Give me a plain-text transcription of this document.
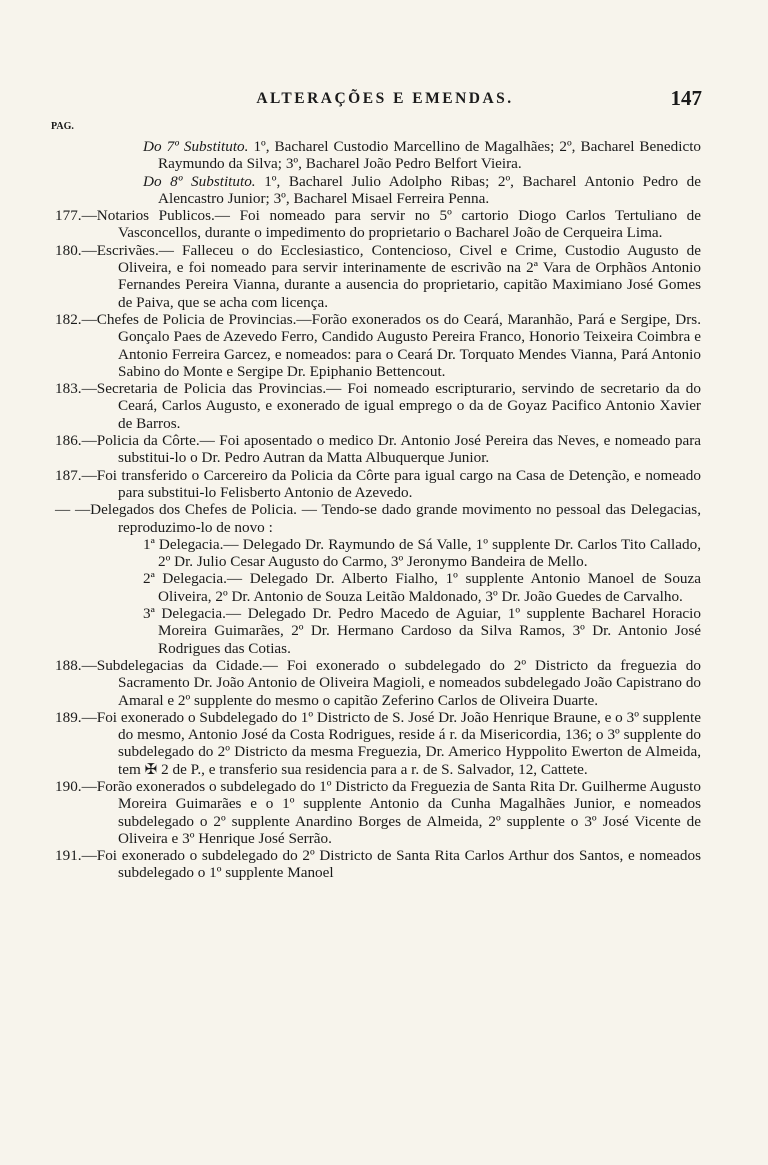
ALTERAÇÕES E EMENDAS.	147
PAG.

Do 7º Substituto. 1º, Bacharel Custodio Marcellino de Magalhães; 2º, Bacharel Benedicto Raymundo da Silva; 3º, Bacharel João Pedro Belfort Vieira.

Do 8º Substituto. 1º, Bacharel Julio Adolpho Ribas; 2º, Bacharel Antonio Pedro de Alencastro Junior; 3º, Bacharel Misael Ferreira Penna.

177.—Notarios Publicos.— Foi nomeado para servir no 5º cartorio Diogo Carlos Tertuliano de Vasconcellos, durante o impedimento do proprietario o Bacharel João de Cerqueira Lima.

180.—Escrivães.— Falleceu o do Ecclesiastico, Contencioso, Civel e Crime, Custodio Augusto de Oliveira, e foi nomeado para servir interinamente de escrivão na 2ª Vara de Orphãos Antonio Fernandes Pereira Vianna, durante a ausencia do proprietario, capitão Maximiano José Gomes de Paiva, que se acha com licença.

182.—Chefes de Policia de Provincias.—Forão exonerados os do Ceará, Maranhão, Pará e Sergipe, Drs. Gonçalo Paes de Azevedo Ferro, Candido Augusto Pereira Franco, Honorio Teixeira Coimbra e Antonio Ferreira Garcez, e nomeados: para o Ceará Dr. Torquato Mendes Vianna, Pará Antonio Sabino do Monte e Sergipe Dr. Epiphanio Bettencout.

183.—Secretaria de Policia das Provincias.— Foi nomeado escripturario, servindo de secretario da do Ceará, Carlos Augusto, e exonerado de igual emprego o da de Goyaz Pacifico Antonio Xavier de Barros.

186.—Policia da Côrte.— Foi aposentado o medico Dr. Antonio José Pereira das Neves, e nomeado para substitui-lo o Dr. Pedro Autran da Matta Albuquerque Junior.

187.—Foi transferido o Carcereiro da Policia da Côrte para igual cargo na Casa de Detenção, e nomeado para substitui-lo Felisberto Antonio de Azevedo.

— —Delegados dos Chefes de Policia. — Tendo-se dado grande movimento no pessoal das Delegacias, reproduzimo-lo de novo :

1ª Delegacia.— Delegado Dr. Raymundo de Sá Valle, 1º supplente Dr. Carlos Tito Callado, 2º Dr. Julio Cesar Augusto do Carmo, 3º Jeronymo Bandeira de Mello.

2ª Delegacia.— Delegado Dr. Alberto Fialho, 1º supplente Antonio Manoel de Souza Oliveira, 2º Dr. Antonio de Souza Leitão Maldonado, 3º Dr. João Guedes de Carvalho.

3ª Delegacia.— Delegado Dr. Pedro Macedo de Aguiar, 1º supplente Bacharel Horacio Moreira Guimarães, 2º Dr. Hermano Cardoso da Silva Ramos, 3º Dr. Antonio José Rodrigues das Cotias.

188.—Subdelegacias da Cidade.— Foi exonerado o subdelegado do 2º Districto da freguezia do Sacramento Dr. João Antonio de Oliveira Magioli, e nomeados subdelegado João Capistrano do Amaral e 2º supplente do mesmo o capitão Zeferino Carlos de Oliveira Duarte.

189.—Foi exonerado o Subdelegado do 1º Districto de S. José Dr. João Henrique Braune, e o 3º supplente do mesmo, Antonio José da Costa Rodrigues, reside á r. da Misericordia, 136; o 3º supplente do subdelegado do 2º Districto da mesma Freguezia, Dr. Americo Hyppolito Ewerton de Almeida, tem ✠ 2 de P., e transferio sua residencia para a r. de S. Salvador, 12, Cattete.

190.—Forão exonerados o subdelegado do 1º Districto da Freguezia de Santa Rita Dr. Guilherme Augusto Moreira Guimarães e o 1º supplente Antonio da Cunha Magalhães Junior, e nomeados subdelegado o 2º supplente Anardino Borges de Almeida, 2º supplente o 3º José Vicente de Oliveira e 3º Henrique José Serrão.

191.—Foi exonerado o subdelegado do 2º Districto de Santa Rita Carlos Arthur dos Santos, e nomeados subdelegado o 1º supplente Manoel
